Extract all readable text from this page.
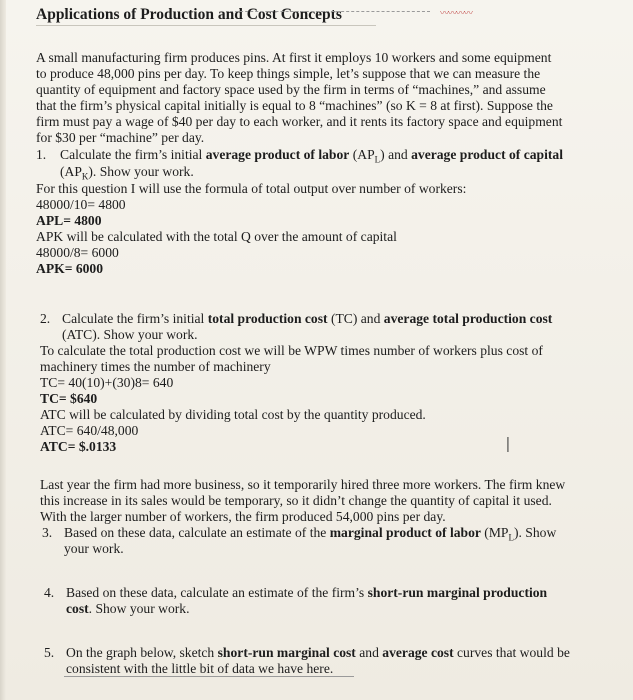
Applications of Production and Cost Concepts	〰〰〰〰
A small manufacturing firm produces pins. At first it employs 10 workers and some equipment
to produce 48,000 pins per day. To keep things simple, let’s suppose that we can measure the
quantity of equipment and factory space used by the firm in terms of “machines,” and assume
that the firm’s physical capital initially is equal to 8 “machines” (so K = 8 at first). Suppose the
firm must pay a wage of $40 per day to each worker, and it rents its factory space and equipment
for $30 per “machine” per day.
1. Calculate the firm’s initial average product of labor $(AP_L)$ and average product of capital
$(AP_K)$. Show your work.
For this question I will use the formula of total output over number of workers:
48000/10= 4800
APL= 4800
APK will be calculated with the total Q over the amount of capital
48000/8= 6000
APK= 6000
2. Calculate the firm’s initial total production cost (TC) and average total production cost
(ATC). Show your work.
To calculate the total production cost we will be WPW times number of workers plus cost of
machinery times the number of machinery
TC= 40(10)+(30)8= 640
TC= $640
ATC will be calculated by dividing total cost by the quantity produced.
ATC= 640/48,000
ATC= $.0133	I
Last year the firm had more business, so it temporarily hired three more workers. The firm knew
this increase in its sales would be temporary, so it didn’t change the quantity of capital it used.
With the larger number of workers, the firm produced 54,000 pins per day.
3. Based on these data, calculate an estimate of the marginal product of labor $(MP_L)$. Show
your work.
4. Based on these data, calculate an estimate of the firm’s short-run marginal production
cost. Show your work.
5. On the graph below, sketch short-run marginal cost and average cost curves that would be
consistent with the little bit of data we have here.
